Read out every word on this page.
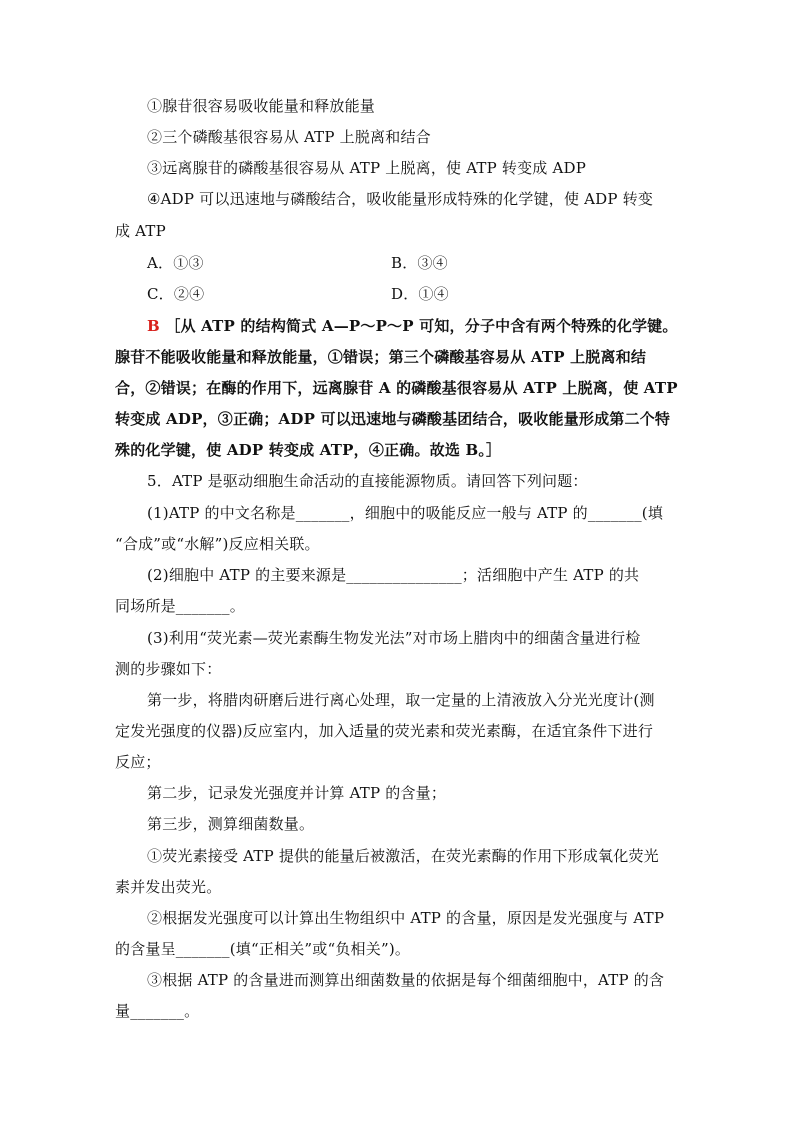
①腺苷很容易吸收能量和释放能量
②三个磷酸基很容易从 ATP 上脱离和结合
③远离腺苷的磷酸基很容易从 ATP 上脱离，使 ATP 转变成 ADP
④ADP 可以迅速地与磷酸结合，吸收能量形成特殊的化学键，使 ADP 转变
成 ATP
A．①③	B．③④
C．②④	D．①④
B ［从 ATP 的结构简式 A—P～P～P 可知，分子中含有两个特殊的化学键。
腺苷不能吸收能量和释放能量，①错误；第三个磷酸基容易从 ATP 上脱离和结
合，②错误；在酶的作用下，远离腺苷 A 的磷酸基很容易从 ATP 上脱离，使 ATP
转变成 ADP，③正确；ADP 可以迅速地与磷酸基团结合，吸收能量形成第二个特
殊的化学键，使 ADP 转变成 ATP，④正确。故选 B。］
5．ATP 是驱动细胞生命活动的直接能源物质。请回答下列问题：
(1)ATP 的中文名称是_______，细胞中的吸能反应一般与 ATP 的_______(填
“合成”或“水解”)反应相关联。
(2)细胞中 ATP 的主要来源是_______________；活细胞中产生 ATP 的共
同场所是_______。
(3)利用“荧光素—荧光素酶生物发光法”对市场上腊肉中的细菌含量进行检
测的步骤如下：
第一步，将腊肉研磨后进行离心处理，取一定量的上清液放入分光光度计(测
定发光强度的仪器)反应室内，加入适量的荧光素和荧光素酶，在适宜条件下进行
反应；
第二步，记录发光强度并计算 ATP 的含量；
第三步，测算细菌数量。
①荧光素接受 ATP 提供的能量后被激活，在荧光素酶的作用下形成氧化荧光
素并发出荧光。
②根据发光强度可以计算出生物组织中 ATP 的含量，原因是发光强度与 ATP
的含量呈_______(填“正相关”或“负相关”)。
③根据 ATP 的含量进而测算出细菌数量的依据是每个细菌细胞中，ATP 的含
量_______。
